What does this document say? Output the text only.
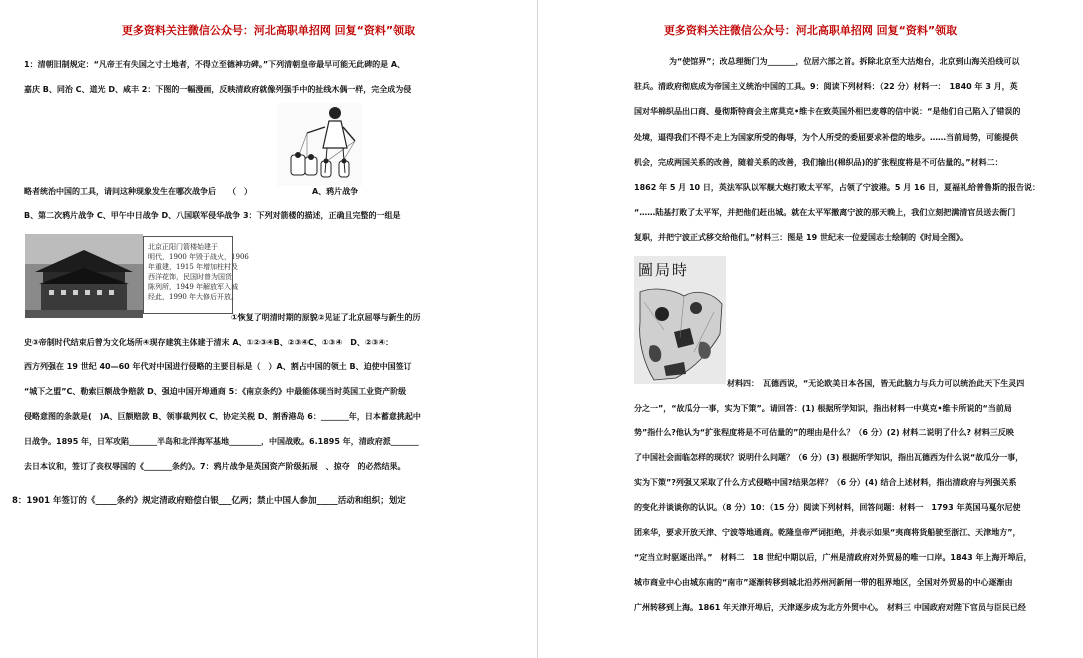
更多资料关注微信公众号：河北高职单招网 回复“资料”领取
1：清朝旧制规定：“凡帝王有失国之寸土地者，不得立至德神功碑。”下列清朝皇帝最早可能无此碑的是 A、
嘉庆 B、同治 C、道光 D、咸丰 2：下图的一幅漫画，反映清政府就像列强手中的扯线木偶一样，完全成为侵
略者统治中国的工具，请问这种现象发生在哪次战争后　　（　）　　　　　　　　A、鸦片战争
B、第二次鸦片战争 C、甲午中日战争 D、八国联军侵华战争 3：下列对箭楼的描述，正确且完整的一组是
北京正阳门箭楼始建于
明代，1900 年毁于战火，1906
年重建，1915 年增加柱村及
西洋花饰，民国时曾为国货
陈列所，1949 年解放军入城
经此，1990 年大修后开放。
①恢复了明清时期的原貌②见证了北京屈辱与新生的历
史③帝制时代结束后曾为文化场所④现存建筑主体建于清末 A、①②③④B、②③④C、①③④　D、②③④：
西方列强在 19 世纪 40—60 年代对中国进行侵略的主要目标是（　）A、割占中国的领土 B、迫使中国签订
“城下之盟”C、勒索巨额战争赔款 D、强迫中国开埠通商 5：《南京条约》中最能体现当时英国工业资产阶级
侵略意图的条款是(　)A、巨额赔款 B、领事裁判权 C、协定关税 D、割香港岛 6：_______年，日本蓄意挑起中
日战争。1895 年，日军攻陷_______半岛和北洋海军基地________，中国战败。6.1895 年，清政府派_______
去日本议和，签订了丧权辱国的《_______条约》。7：鸦片战争是英国资产阶级拓展　、掠夺　的必然结果。
8：1901 年签订的《_____条约》规定清政府赔偿白银___亿两；禁止中国人参加_____活动和组织；划定
更多资料关注微信公众号：河北高职单招网 回复“资料”领取
为“使馆界”；改总理衙门为_______，位居六部之首。拆除北京至大沽炮台，北京到山海关沿线可以
驻兵。清政府彻底成为帝国主义统治中国的工具。9：阅读下列材料：（22 分）材料一：　1840 年 3 月，英
国对华棉织品出口商、曼彻斯特商会主席莫克•维卡在致英国外相巴麦尊的信中说：“是他们自己陷入了错误的
处境，逼得我们不得不走上为国家所受的侮辱，为个人所受的委屈要求补偿的地步。……当前局势，可能提供
机会，完成两国关系的改善，随着关系的改善，我们输出(棉织品)的扩张程度将是不可估量的。”材料二：
1862 年 5 月 10 日，英法军队以军舰大炮打败太平军，占领了宁波港。5 月 16 日，夏福礼给普鲁斯的报告说：
“……陆基打败了太平军，并把他们赶出城。就在太平军撤离宁波的那天晚上，我们立刻把满清官员送去衙门
复职，并把宁波正式移交给他们。”材料三：图是 19 世纪末一位爱国志士绘制的《时局全图》。
圖局時
材料四：　瓦德西说，“无论欧美日本各国，皆无此脑力与兵力可以统治此天下生灵四
分之一”，“故瓜分一事，实为下策”。请回答：(1) 根据所学知识，指出材料一中莫克•维卡所说的“当前局
势”指什么?他认为“扩张程度将是不可估量的”的理由是什么？（6 分）(2) 材料二说明了什么? 材料三反映
了中国社会面临怎样的现状？说明什么问题？（6 分）(3) 根据所学知识，指出瓦德西为什么说“故瓜分一事，
实为下策”?列强又采取了什么方式侵略中国?结果怎样？（6 分）(4) 结合上述材料，指出清政府与列强关系
的变化并谈谈你的认识。（8 分）10：（15 分）阅读下列材料，回答问题：材料一　1793 年英国马戛尔尼使
团来华，要求开放天津、宁波等地通商。乾隆皇帝严词拒绝，并表示如果“夷商将货船驶至浙江、天津地方”，
“定当立时驱逐出洋。”　材料二　18 世纪中期以后，广州是清政府对外贸易的唯一口岸。1843 年上海开埠后，
城市商业中心由城东南的“南市”逐渐转移到城北沿苏州河新闸一带的租界地区，全国对外贸易的中心逐渐由
广州转移到上海。1861 年天津开埠后，天津逐步成为北方外贸中心。　材料三 中国政府对陛下官员与臣民已经
